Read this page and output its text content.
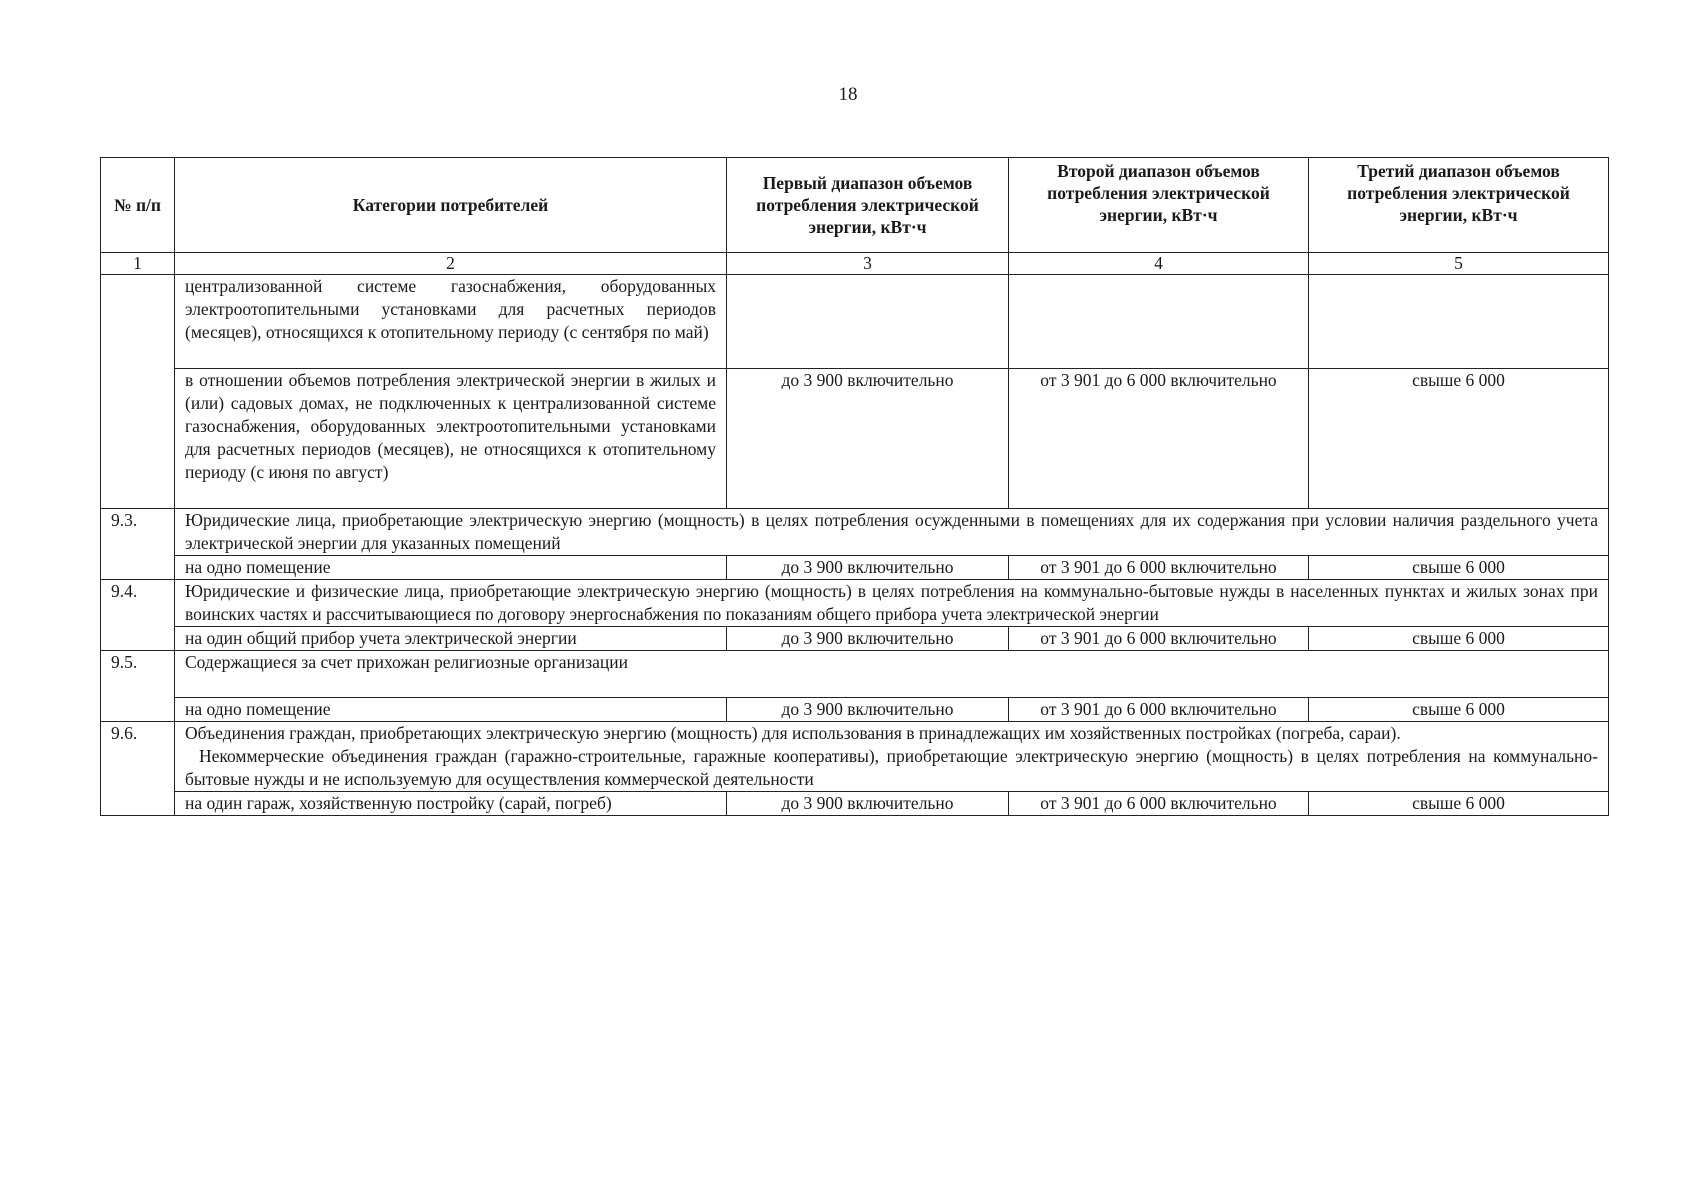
18
№ п/п	Категории потребителей	Первый диапазон объемов потребления электрической энергии, кВт·ч	Второй диапазон объемов потребления электрической энергии, кВт·ч	Третий диапазон объемов потребления электрической энергии, кВт·ч
1	2	3	4	5
	централизованной системе газоснабжения, оборудованных электроотопительными установками для расчетных периодов (месяцев), относящихся к отопительному периоду (с сентября по май)			
	в отношении объемов потребления электрической энергии в жилых и (или) садовых домах, не подключенных к централизованной системе газоснабжения, оборудованных электроотопительными установками для расчетных периодов (месяцев), не относящихся к отопительному периоду (с июня по август)	до 3 900 включительно	от 3 901 до 6 000 включительно	свыше 6 000
9.3.	Юридические лица, приобретающие электрическую энергию (мощность) в целях потребления осужденными в помещениях для их содержания при условии наличия раздельного учета электрической энергии для указанных помещений			
	на одно помещение	до 3 900 включительно	от 3 901 до 6 000 включительно	свыше 6 000
9.4.	Юридические и физические лица, приобретающие электрическую энергию (мощность) в целях потребления на коммунально-бытовые нужды в населенных пунктах и жилых зонах при воинских частях и рассчитывающиеся по договору энергоснабжения по показаниям общего прибора учета электрической энергии			
	на один общий прибор учета электрической энергии	до 3 900 включительно	от 3 901 до 6 000 включительно	свыше 6 000
9.5.	Содержащиеся за счет прихожан религиозные организации			
	на одно помещение	до 3 900 включительно	от 3 901 до 6 000 включительно	свыше 6 000
9.6.	Объединения граждан, приобретающих электрическую энергию (мощность) для использования в принадлежащих им хозяйственных постройках (погреба, сараи).
Некоммерческие объединения граждан (гаражно-строительные, гаражные кооперативы), приобретающие электрическую энергию (мощность) в целях потребления на коммунально-бытовые нужды и не используемую для осуществления коммерческой деятельности			

	на один гараж, хозяйственную постройку (сарай, погреб)	до 3 900 включительно	от 3 901 до 6 000 включительно	свыше 6 000
